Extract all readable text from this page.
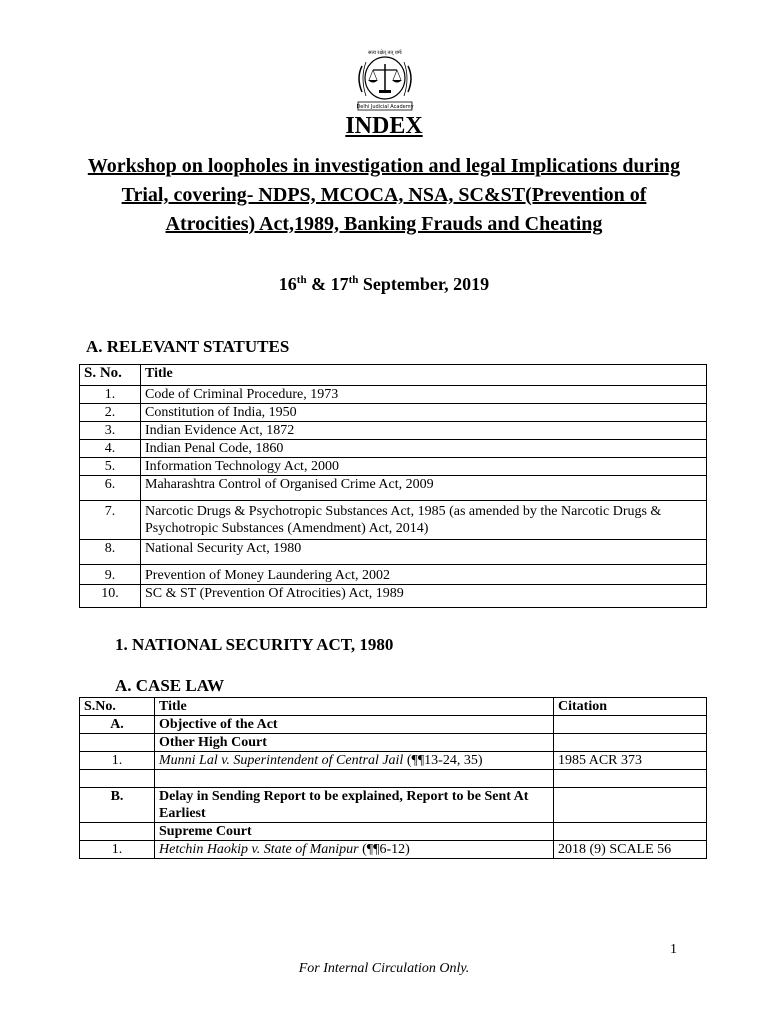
सत्य रक्षेत् तत् धर्मः
Delhi Judicial Academy
INDEX
Workshop on loopholes in investigation and legal Implications during Trial, covering- NDPS, MCOCA, NSA, SC&ST(Prevention of Atrocities) Act,1989, Banking Frauds and Cheating
16th & 17th September, 2019
A. RELEVANT STATUTES
S. No.	Title
1.	Code of Criminal Procedure, 1973
2.	Constitution of India, 1950
3.	Indian Evidence Act, 1872
4.	Indian Penal Code, 1860
5.	Information Technology Act, 2000
6.	Maharashtra Control of Organised Crime Act, 2009
7.	Narcotic Drugs & Psychotropic Substances Act, 1985 (as amended by the Narcotic Drugs & Psychotropic Substances (Amendment) Act, 2014)
8.	National Security Act, 1980
9.	Prevention of Money Laundering Act, 2002
10.	SC & ST (Prevention Of Atrocities) Act, 1989
1. NATIONAL SECURITY ACT, 1980
A. CASE LAW
S.No.	Title	Citation
A.	Objective of the Act	
	Other High Court	
1.	Munni Lal v. Superintendent of Central Jail (¶¶13-24, 35)	1985 ACR 373

B.	Delay in Sending Report to be explained, Report to be Sent At Earliest	
	Supreme Court	
1.	Hetchin Haokip v. State of Manipur (¶¶6-12)	2018 (9) SCALE 56
1
For Internal Circulation Only.
